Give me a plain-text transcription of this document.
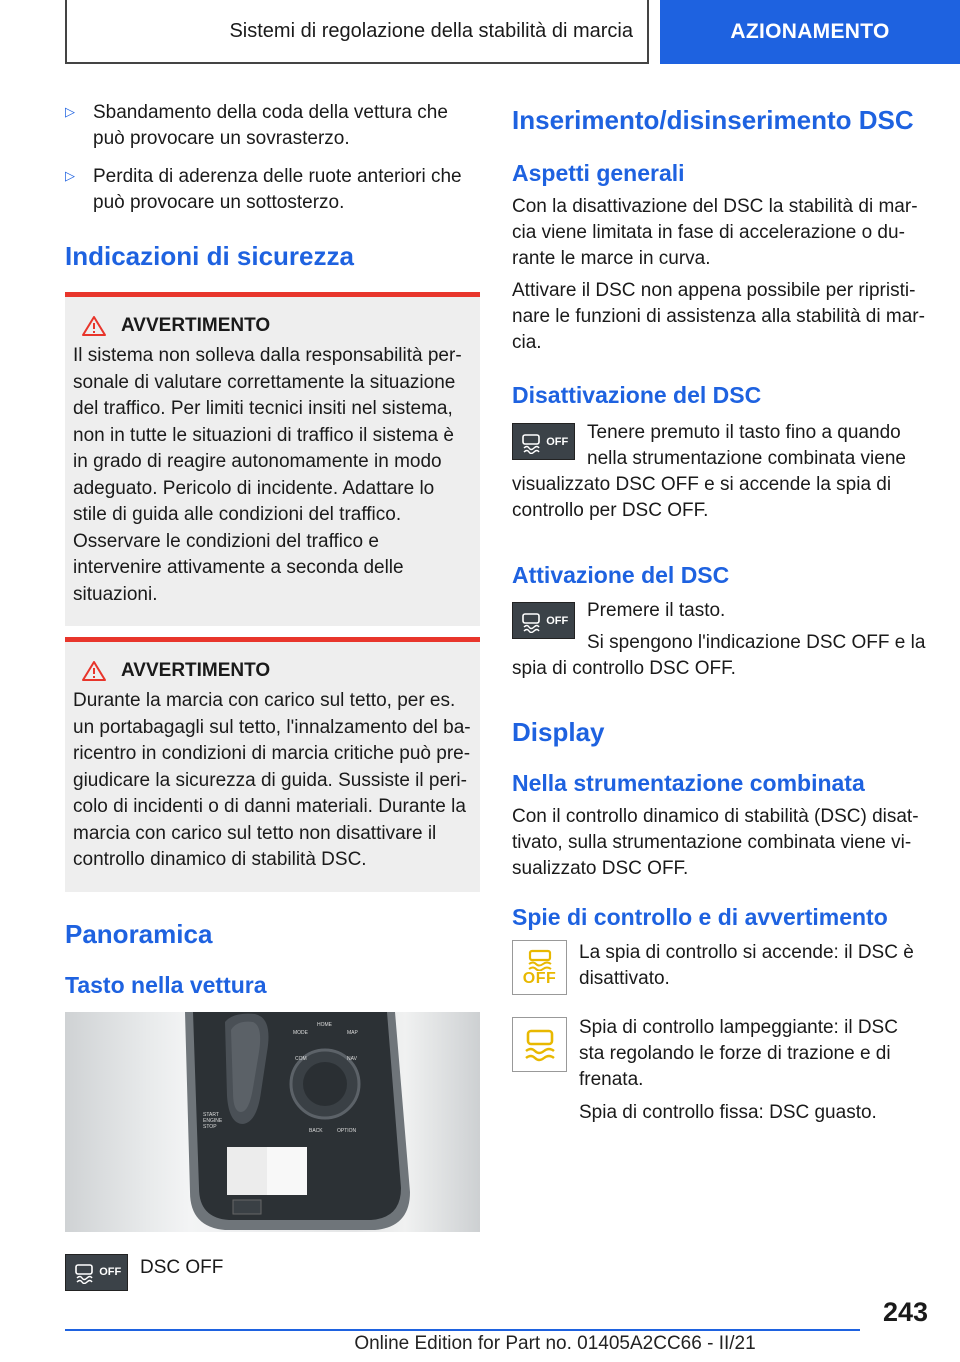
Sistemi di regolazione della stabilità di marcia	AZIONAMENTO
▷ Sbandamento della coda della vettura che può provocare un sovrasterzo.
▷ Perdita di aderenza delle ruote anteriori che può provocare un sottosterzo.
Indicazioni di sicurezza
AVVERTIMENTO

Il sistema non solleva dalla responsabilità personale di valutare correttamente la situazione del traffico. Per limiti tecnici insiti nel sistema, non in tutte le situazioni di traffico il sistema è in grado di reagire autonomamente in modo adeguato. Pericolo di incidente. Adattare lo stile di guida alle condizioni del traffico. Osservare le condizioni del traffico e intervenire attivamente a seconda delle situazioni.

AVVERTIMENTO

Durante la marcia con carico sul tetto, per es. un portabagagli sul tetto, l'innalzamento del baricentro in condizioni di marcia critiche può pregiudicare la sicurezza di guida. Sussiste il pericolo di incidenti o di danni materiali. Durante la marcia con carico sul tetto non disattivare il controllo dinamico di stabilità DSC.

Panoramica
Tasto nella vettura
START ENGINE STOP
MODE
HOME
MAP
COM	NAV
BACK	OPTION
OFF DSC OFF

Inserimento/disinserimento DSC
Aspetti generali

Con la disattivazione del DSC la stabilità di marcia viene limitata in fase di accelerazione o durante le marce in curva.

Attivare il DSC non appena possibile per ripristinare le funzioni di assistenza alla stabilità di marcia.

Disattivazione del DSC
OFF Tenere premuto il tasto fino a quando nella strumentazione combinata viene visualizzato DSC OFF e si accende la spia di controllo per DSC OFF.

Attivazione del DSC
OFF Premere il tasto.

Si spengono l'indicazione DSC OFF e la spia di controllo DSC OFF.

Display
Nella strumentazione combinata

Con il controllo dinamico di stabilità (DSC) disattivato, sulla strumentazione combinata viene visualizzato DSC OFF.

Spie di controllo e di avvertimento
OFF

La spia di controllo si accende: il DSC è disattivato.

Spia di controllo lampeggiante: il DSC sta regolando le forze di trazione e di frenata.

Spia di controllo fissa: DSC guasto.

243
Online Edition for Part no. 01405A2CC66 - II/21
